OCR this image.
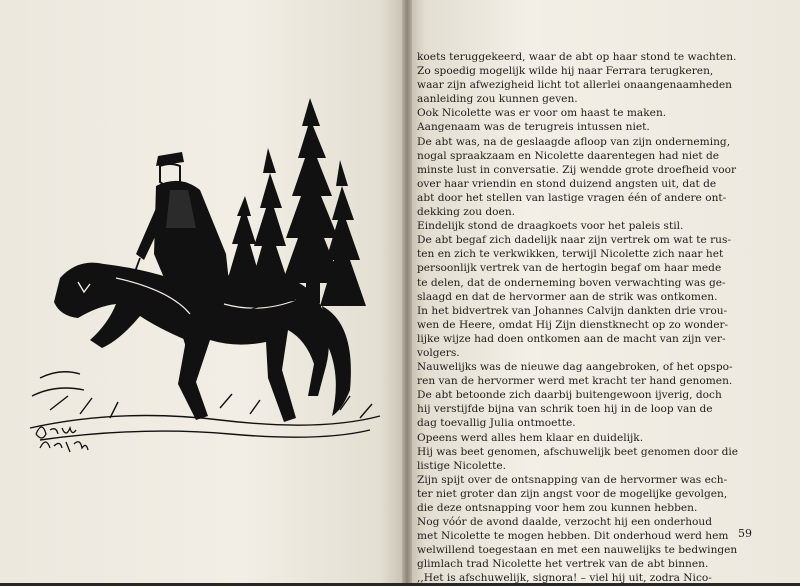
koets teruggekeerd, waar de abt op haar stond te wachten.
Zo spoedig mogelijk wilde hij naar Ferrara terugkeren,
waar zijn afwezigheid licht tot allerlei onaangenaamheden
aanleiding zou kunnen geven.
Ook Nicolette was er voor om haast te maken.
Aangenaam was de terugreis intussen niet.
De abt was, na de geslaagde afloop van zijn onderneming,
nogal spraakzaam en Nicolette daarentegen had niet de
minste lust in conversatie. Zij wendde grote droefheid voor
over haar vriendin en stond duizend angsten uit, dat de
abt door het stellen van lastige vragen één of andere ont-
dekking zou doen.
Eindelijk stond de draagkoets voor het paleis stil.
De abt begaf zich dadelijk naar zijn vertrek om wat te rus-
ten en zich te verkwikken, terwijl Nicolette zich naar het
persoonlijk vertrek van de hertogin begaf om haar mede
te delen, dat de onderneming boven verwachting was ge-
slaagd en dat de hervormer aan de strik was ontkomen.
In het bidvertrek van Johannes Calvijn dankten drie vrou-
wen de Heere, omdat Hij Zijn dienstknecht op zo wonder-
lijke wijze had doen ontkomen aan de macht van zijn ver-
volgers.
Nauwelijks was de nieuwe dag aangebroken, of het opspo-
ren van de hervormer werd met kracht ter hand genomen.
De abt betoonde zich daarbij buitengewoon ijverig, doch
hij verstijfde bijna van schrik toen hij in de loop van de
dag toevallig Julia ontmoette.
Opeens werd alles hem klaar en duidelijk.
Hij was beet genomen, afschuwelijk beet genomen door die
listige Nicolette.
Zijn spijt over de ontsnapping van de hervormer was ech-
ter niet groter dan zijn angst voor de mogelijke gevolgen,
die deze ontsnapping voor hem zou kunnen hebben.
Nog vóór de avond daalde, verzocht hij een onderhoud
met Nicolette te mogen hebben. Dit onderhoud werd hem
welwillend toegestaan en met een nauwelijks te bedwingen
glimlach trad Nicolette het vertrek van de abt binnen.
,,Het is afschuwelijk, signora! – viel hij uit, zodra Nico-
59
